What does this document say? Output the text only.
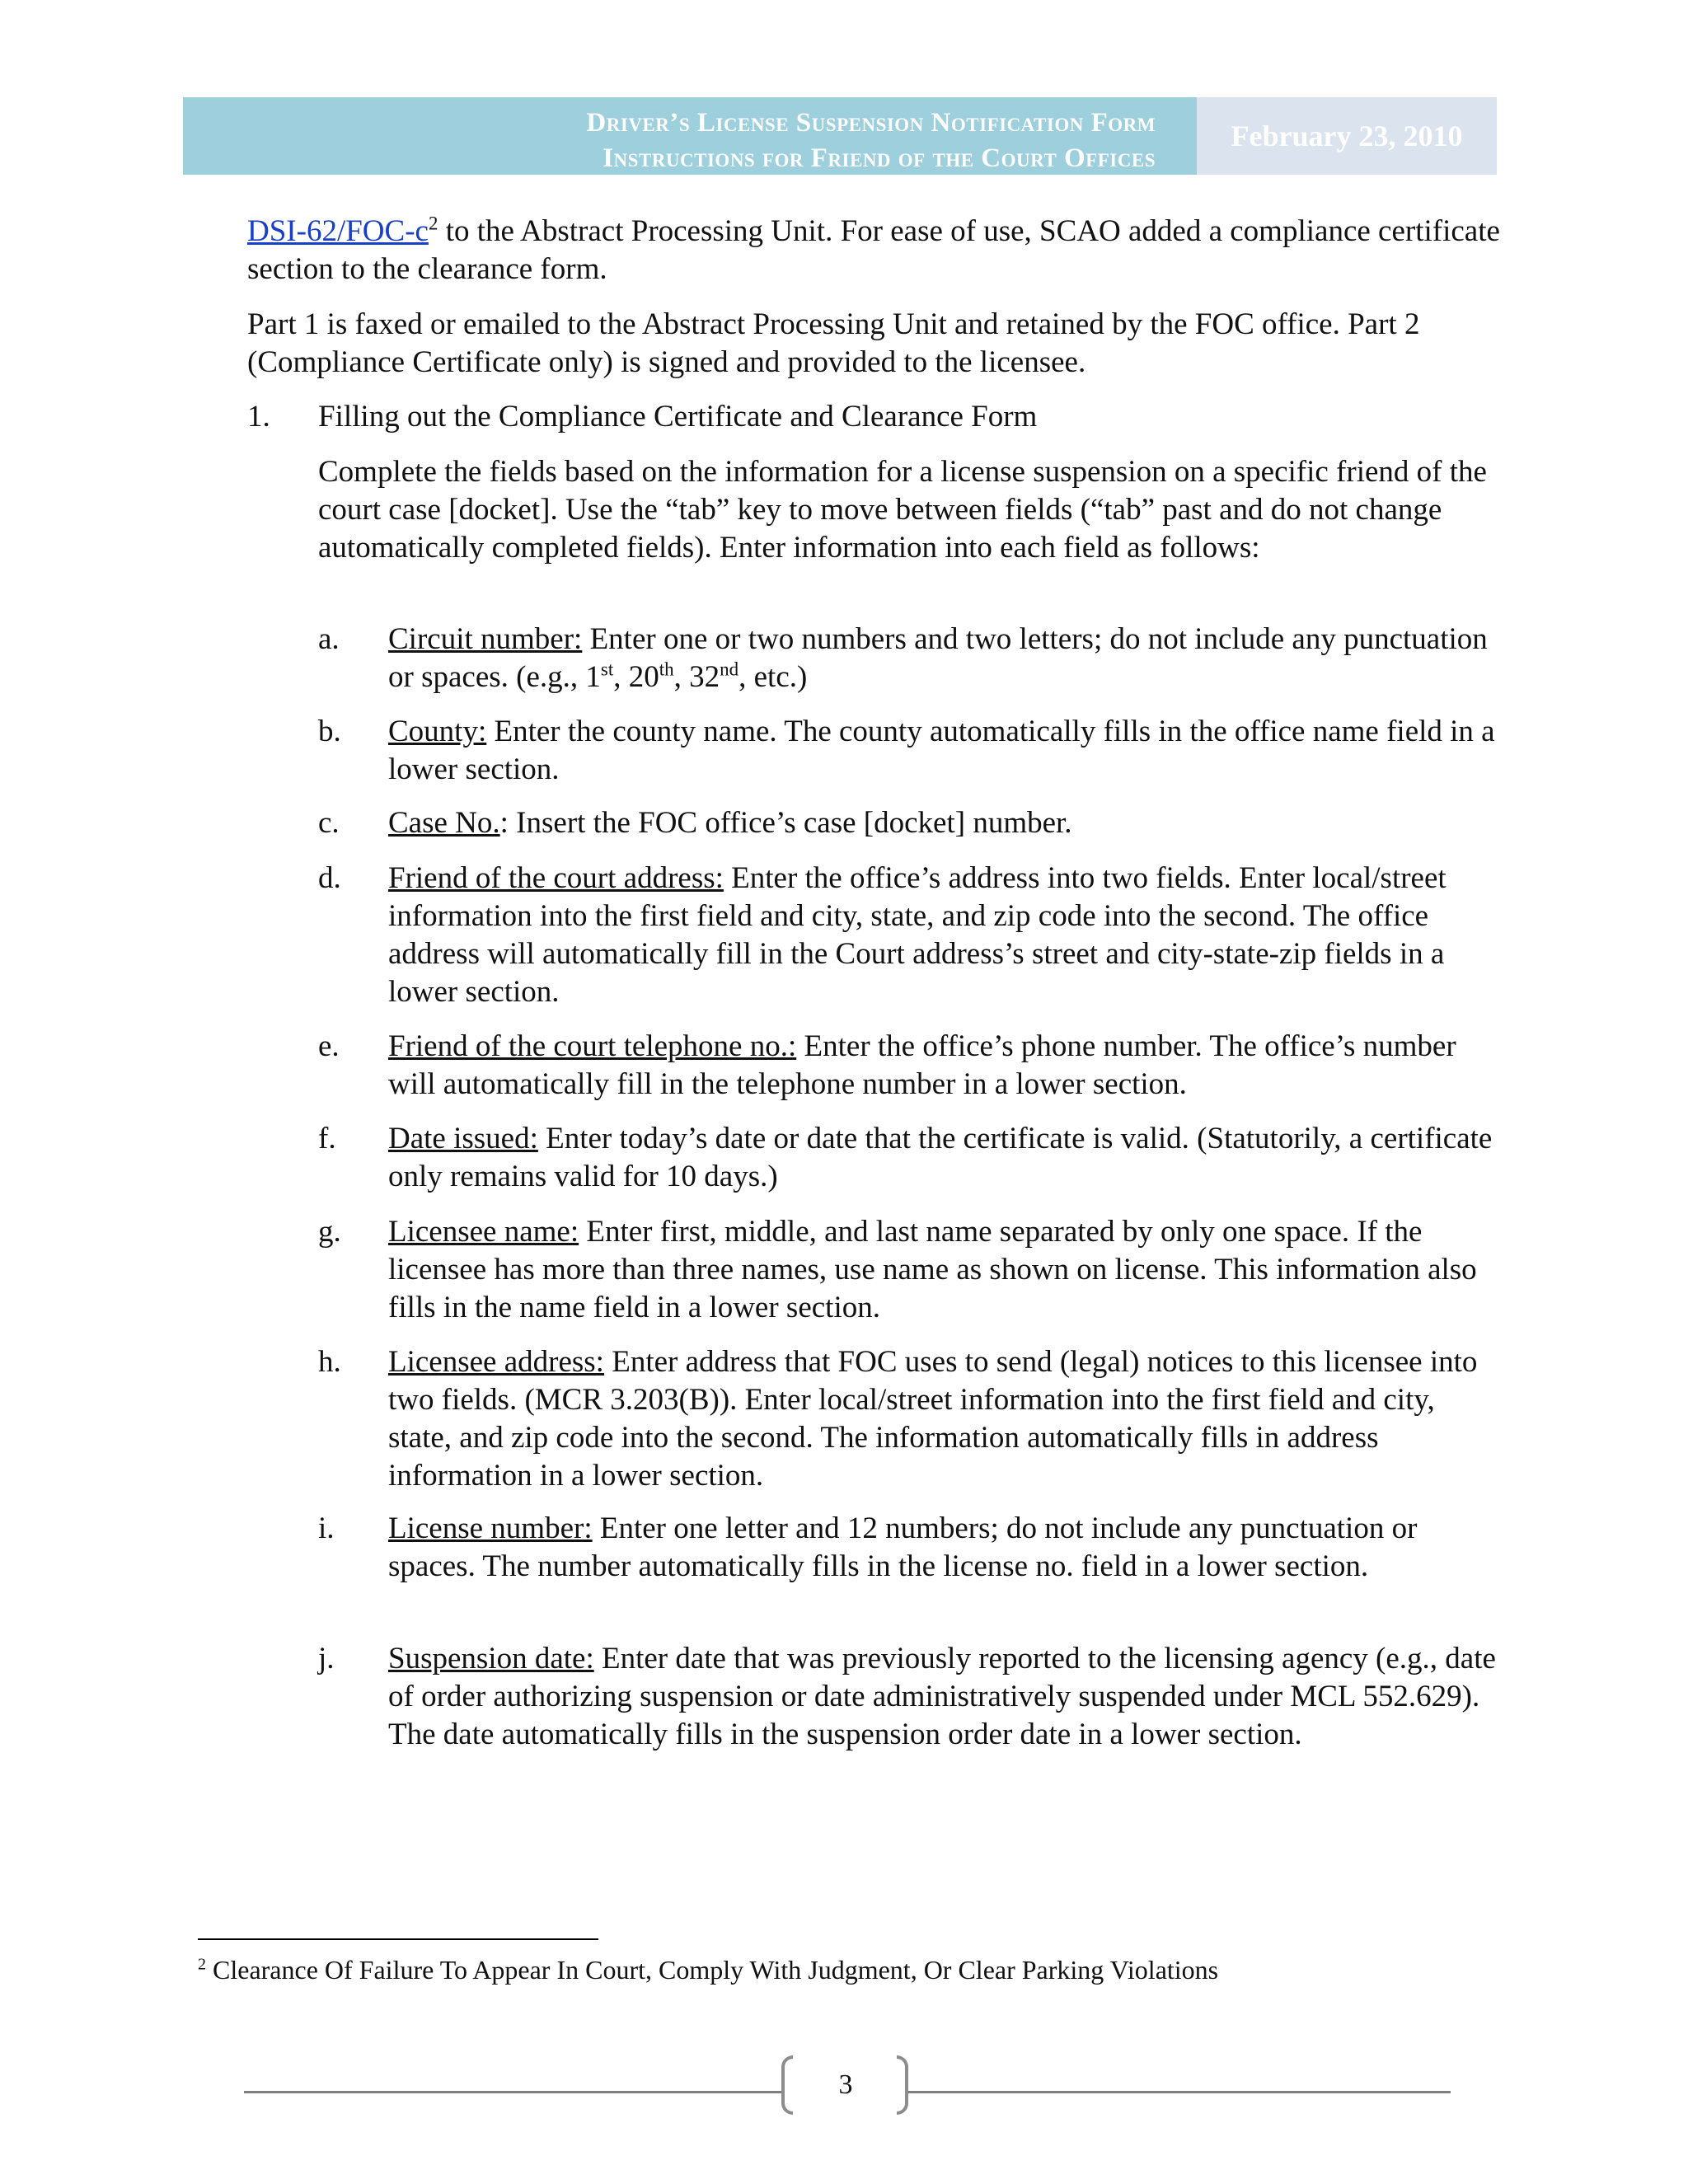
Driver’s License Suspension Notification Form
Instructions for Friend of the Court Offices
February 23, 2010

DSI-$62/FOC-c^2$ to the Abstract Processing Unit. For ease of use, SCAO added a compliance certificate section to the clearance form.

Part 1 is faxed or emailed to the Abstract Processing Unit and retained by the FOC office. Part 2 (Compliance Certificate only) is signed and provided to the licensee.

1. Filling out the Compliance Certificate and Clearance Form

Complete the fields based on the information for a license suspension on a specific friend of the court case [docket]. Use the “tab” key to move between fields (“tab” past and do not change automatically completed fields). Enter information into each field as follows:

a. Circuit number: Enter one or two numbers and two letters; do not include any punctuation or spaces. (e.g., 1st, 20th, 32nd, etc.)

b. County: Enter the county name. The county automatically fills in the office name field in a lower section.

c. Case No.: Insert the FOC office’s case [docket] number.

d. Friend of the court address: Enter the office’s address into two fields. Enter local/street information into the first field and city, state, and zip code into the second. The office address will automatically fill in the Court address’s street and city-state-zip fields in a lower section.

e. Friend of the court telephone no.: Enter the office’s phone number. The office’s number will automatically fill in the telephone number in a lower section.

f. Date issued: Enter today’s date or date that the certificate is valid. (Statutorily, a certificate only remains valid for 10 days.)

g. Licensee name: Enter first, middle, and last name separated by only one space. If the licensee has more than three names, use name as shown on license. This information also fills in the name field in a lower section.

h. Licensee address: Enter address that FOC uses to send (legal) notices to this licensee into two fields. (MCR 3.203(B)). Enter local/street information into the first field and city, state, and zip code into the second. The information automatically fills in address information in a lower section.

i. License number: Enter one letter and 12 numbers; do not include any punctuation or spaces. The number automatically fills in the license no. field in a lower section.

j. Suspension date: Enter date that was previously reported to the licensing agency (e.g., date of order authorizing suspension or date administratively suspended under MCL 552.629). The date automatically fills in the suspension order date in a lower section.

$^2$ Clearance Of Failure To Appear In Court, Comply With Judgment, Or Clear Parking Violations
3
